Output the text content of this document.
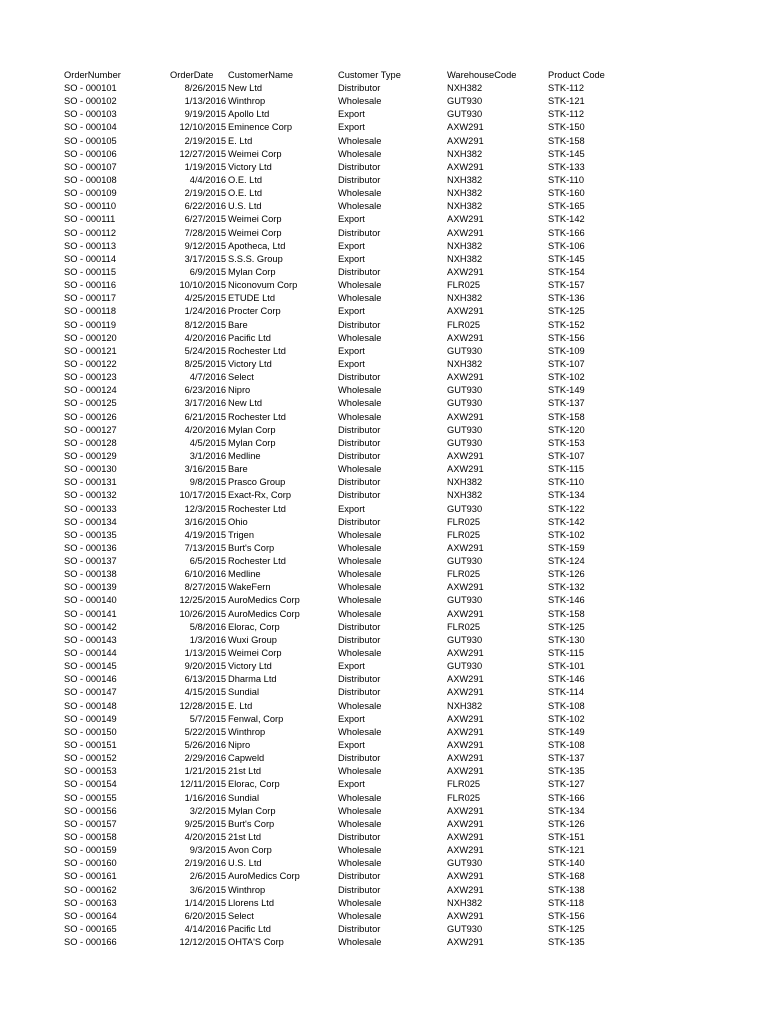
OrderNumber	OrderDate	CustomerName	Customer Type	WarehouseCode	Product Code
SO - 000101	8/26/2015 New Ltd	Distributor	NXH382	STK-112
SO - 000102	1/13/2016 Winthrop	Wholesale	GUT930	STK-121
SO - 000103	9/19/2015 Apollo Ltd	Export	GUT930	STK-112
SO - 000104	12/10/2015 Eminence Corp	Export	AXW291	STK-150
SO - 000105	2/19/2015 E. Ltd	Wholesale	AXW291	STK-158
SO - 000106	12/27/2015 Weimei Corp	Wholesale	NXH382	STK-145
SO - 000107	1/19/2015 Victory Ltd	Distributor	AXW291	STK-133
SO - 000108	4/4/2016 O.E. Ltd	Distributor	NXH382	STK-110
SO - 000109	2/19/2015 O.E. Ltd	Wholesale	NXH382	STK-160
SO - 000110	6/22/2016 U.S. Ltd	Wholesale	NXH382	STK-165
SO - 000111	6/27/2015 Weimei Corp	Export	AXW291	STK-142
SO - 000112	7/28/2015 Weimei Corp	Distributor	AXW291	STK-166
SO - 000113	9/12/2015 Apotheca, Ltd	Export	NXH382	STK-106
SO - 000114	3/17/2015 S.S.S. Group	Export	NXH382	STK-145
SO - 000115	6/9/2015 Mylan Corp	Distributor	AXW291	STK-154
SO - 000116	10/10/2015 Niconovum Corp	Wholesale	FLR025	STK-157
SO - 000117	4/25/2015 ETUDE Ltd	Wholesale	NXH382	STK-136
SO - 000118	1/24/2016 Procter Corp	Export	AXW291	STK-125
SO - 000119	8/12/2015 Bare	Distributor	FLR025	STK-152
SO - 000120	4/20/2016 Pacific Ltd	Wholesale	AXW291	STK-156
SO - 000121	5/24/2015 Rochester Ltd	Export	GUT930	STK-109
SO - 000122	8/25/2015 Victory Ltd	Export	NXH382	STK-107
SO - 000123	4/7/2016 Select	Distributor	AXW291	STK-102
SO - 000124	6/23/2016 Nipro	Wholesale	GUT930	STK-149
SO - 000125	3/17/2016 New Ltd	Wholesale	GUT930	STK-137
SO - 000126	6/21/2015 Rochester Ltd	Wholesale	AXW291	STK-158
SO - 000127	4/20/2016 Mylan Corp	Distributor	GUT930	STK-120
SO - 000128	4/5/2015 Mylan Corp	Distributor	GUT930	STK-153
SO - 000129	3/1/2016 Medline	Distributor	AXW291	STK-107
SO - 000130	3/16/2015 Bare	Wholesale	AXW291	STK-115
SO - 000131	9/8/2015 Prasco Group	Distributor	NXH382	STK-110
SO - 000132	10/17/2015 Exact-Rx, Corp	Distributor	NXH382	STK-134
SO - 000133	12/3/2015 Rochester Ltd	Export	GUT930	STK-122
SO - 000134	3/16/2015 Ohio	Distributor	FLR025	STK-142
SO - 000135	4/19/2015 Trigen	Wholesale	FLR025	STK-102
SO - 000136	7/13/2015 Burt's Corp	Wholesale	AXW291	STK-159
SO - 000137	6/5/2015 Rochester Ltd	Wholesale	GUT930	STK-124
SO - 000138	6/10/2016 Medline	Wholesale	FLR025	STK-126
SO - 000139	8/27/2015 WakeFern	Wholesale	AXW291	STK-132
SO - 000140	12/25/2015 AuroMedics Corp	Wholesale	GUT930	STK-146
SO - 000141	10/26/2015 AuroMedics Corp	Wholesale	AXW291	STK-158
SO - 000142	5/8/2016 Elorac, Corp	Distributor	FLR025	STK-125
SO - 000143	1/3/2016 Wuxi Group	Distributor	GUT930	STK-130
SO - 000144	1/13/2015 Weimei Corp	Wholesale	AXW291	STK-115
SO - 000145	9/20/2015 Victory Ltd	Export	GUT930	STK-101
SO - 000146	6/13/2015 Dharma Ltd	Distributor	AXW291	STK-146
SO - 000147	4/15/2015 Sundial	Distributor	AXW291	STK-114
SO - 000148	12/28/2015 E. Ltd	Wholesale	NXH382	STK-108
SO - 000149	5/7/2015 Fenwal, Corp	Export	AXW291	STK-102
SO - 000150	5/22/2015 Winthrop	Wholesale	AXW291	STK-149
SO - 000151	5/26/2016 Nipro	Export	AXW291	STK-108
SO - 000152	2/29/2016 Capweld	Distributor	AXW291	STK-137
SO - 000153	1/21/2015 21st Ltd	Wholesale	AXW291	STK-135
SO - 000154	12/11/2015 Elorac, Corp	Export	FLR025	STK-127
SO - 000155	1/16/2016 Sundial	Wholesale	FLR025	STK-166
SO - 000156	3/2/2015 Mylan Corp	Wholesale	AXW291	STK-134
SO - 000157	9/25/2015 Burt's Corp	Wholesale	AXW291	STK-126
SO - 000158	4/20/2015 21st Ltd	Distributor	AXW291	STK-151
SO - 000159	9/3/2015 Avon Corp	Wholesale	AXW291	STK-121
SO - 000160	2/19/2016 U.S. Ltd	Wholesale	GUT930	STK-140
SO - 000161	2/6/2015 AuroMedics Corp	Distributor	AXW291	STK-168
SO - 000162	3/6/2015 Winthrop	Distributor	AXW291	STK-138
SO - 000163	1/14/2015 Llorens Ltd	Wholesale	NXH382	STK-118
SO - 000164	6/20/2015 Select	Wholesale	AXW291	STK-156
SO - 000165	4/14/2016 Pacific Ltd	Distributor	GUT930	STK-125
SO - 000166	12/12/2015 OHTA'S Corp	Wholesale	AXW291	STK-135
